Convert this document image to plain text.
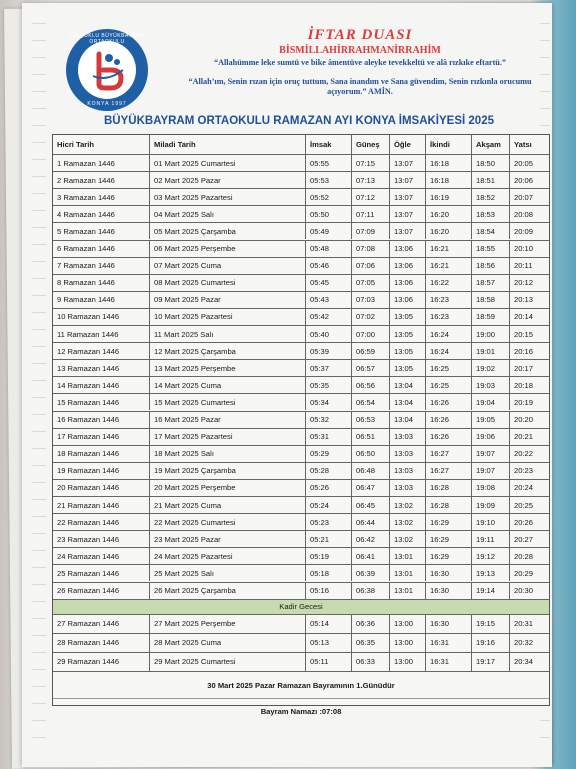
SELÇUKLU BÜYÜKBAYRAM ORTAOKULU
KONYA 1997
İFTAR DUASI
BİSMİLLAHİRRAHMANİRRAHİM
“Allahümme leke sumtü ve bike âmentüve aleyke tevekkeltü ve alâ rızkıke eftartü.”
“Allah’ım, Senin rızan için oruç tuttum, Sana inandım ve Sana güvendim, Senin rızkınla orucumu açıyorum.” AMİN.
BÜYÜKBAYRAM ORTAOKULU RAMAZAN AYI KONYA İMSAKİYESİ 2025
Hicri Tarih	Miladi Tarih	İmsak	Güneş	Öğle	İkindi	Akşam	Yatsı
1 Ramazan 1446	01 Mart 2025 Cumartesi	05:55	07:15	13:07	16:18	18:50	20:05
2 Ramazan 1446	02 Mart 2025 Pazar	05:53	07:13	13:07	16:18	18:51	20:06
3 Ramazan 1446	03 Mart 2025 Pazartesi	05:52	07:12	13:07	16:19	18:52	20:07
4 Ramazan 1446	04 Mart 2025 Salı	05:50	07:11	13:07	16:20	18:53	20:08
5 Ramazan 1446	05 Mart 2025 Çarşamba	05:49	07:09	13:07	16:20	18:54	20:09
6 Ramazan 1446	06 Mart 2025 Perşembe	05:48	07:08	13:06	16:21	18:55	20:10
7 Ramazan 1446	07 Mart 2025 Cuma	05:46	07:06	13:06	16:21	18:56	20:11
8 Ramazan 1446	08 Mart 2025 Cumartesi	05:45	07:05	13:06	16:22	18:57	20:12
9 Ramazan 1446	09 Mart 2025 Pazar	05:43	07:03	13:06	16:23	18:58	20:13
10 Ramazan 1446	10 Mart 2025 Pazartesi	05:42	07:02	13:05	16:23	18:59	20:14
11 Ramazan 1446	11 Mart 2025 Salı	05:40	07:00	13:05	16:24	19:00	20:15
12 Ramazan 1446	12 Mart 2025 Çarşamba	05:39	06:59	13:05	16:24	19:01	20:16
13 Ramazan 1446	13 Mart 2025 Perşembe	05:37	06:57	13:05	16:25	19:02	20:17
14 Ramazan 1446	14 Mart 2025 Cuma	05:35	06:56	13:04	16:25	19:03	20:18
15 Ramazan 1446	15 Mart 2025 Cumartesi	05:34	06:54	13:04	16:26	19:04	20:19
16 Ramazan 1446	16 Mart 2025 Pazar	05:32	06:53	13:04	16:26	19:05	20:20
17 Ramazan 1446	17 Mart 2025 Pazartesi	05:31	06:51	13:03	16:26	19:06	20:21
18 Ramazan 1446	18 Mart 2025 Salı	05:29	06:50	13:03	16:27	19:07	20:22
19 Ramazan 1446	19 Mart 2025 Çarşamba	05:28	06:48	13:03	16:27	19:07	20:23
20 Ramazan 1446	20 Mart 2025 Perşembe	05:26	06:47	13:03	16:28	19:08	20:24
21 Ramazan 1446	21 Mart 2025 Cuma	05:24	06:45	13:02	16:28	19:09	20:25
22 Ramazan 1446	22 Mart 2025 Cumartesi	05:23	06:44	13:02	16:29	19:10	20:26
23 Ramazan 1446	23 Mart 2025 Pazar	05:21	06:42	13:02	16:29	19:11	20:27
24 Ramazan 1446	24 Mart 2025 Pazartesi	05:19	06:41	13:01	16:29	19:12	20:28
25 Ramazan 1446	25 Mart 2025 Salı	05:18	06:39	13:01	16:30	19:13	20:29
26 Ramazan 1446	26 Mart 2025 Çarşamba	05:16	06:38	13:01	16:30	19:14	20:30
Kadir Gecesi
27 Ramazan 1446	27 Mart 2025 Perşembe	05:14	06:36	13:00	16:30	19:15	20:31
28 Ramazan 1446	28 Mart 2025 Cuma	05:13	06:35	13:00	16:31	19:16	20:32
29 Ramazan 1446	29 Mart 2025 Cumartesi	05:11	06:33	13:00	16:31	19:17	20:34
30 Mart 2025 Pazar Ramazan Bayramının 1.Günüdür
Bayram Namazı :07:08
